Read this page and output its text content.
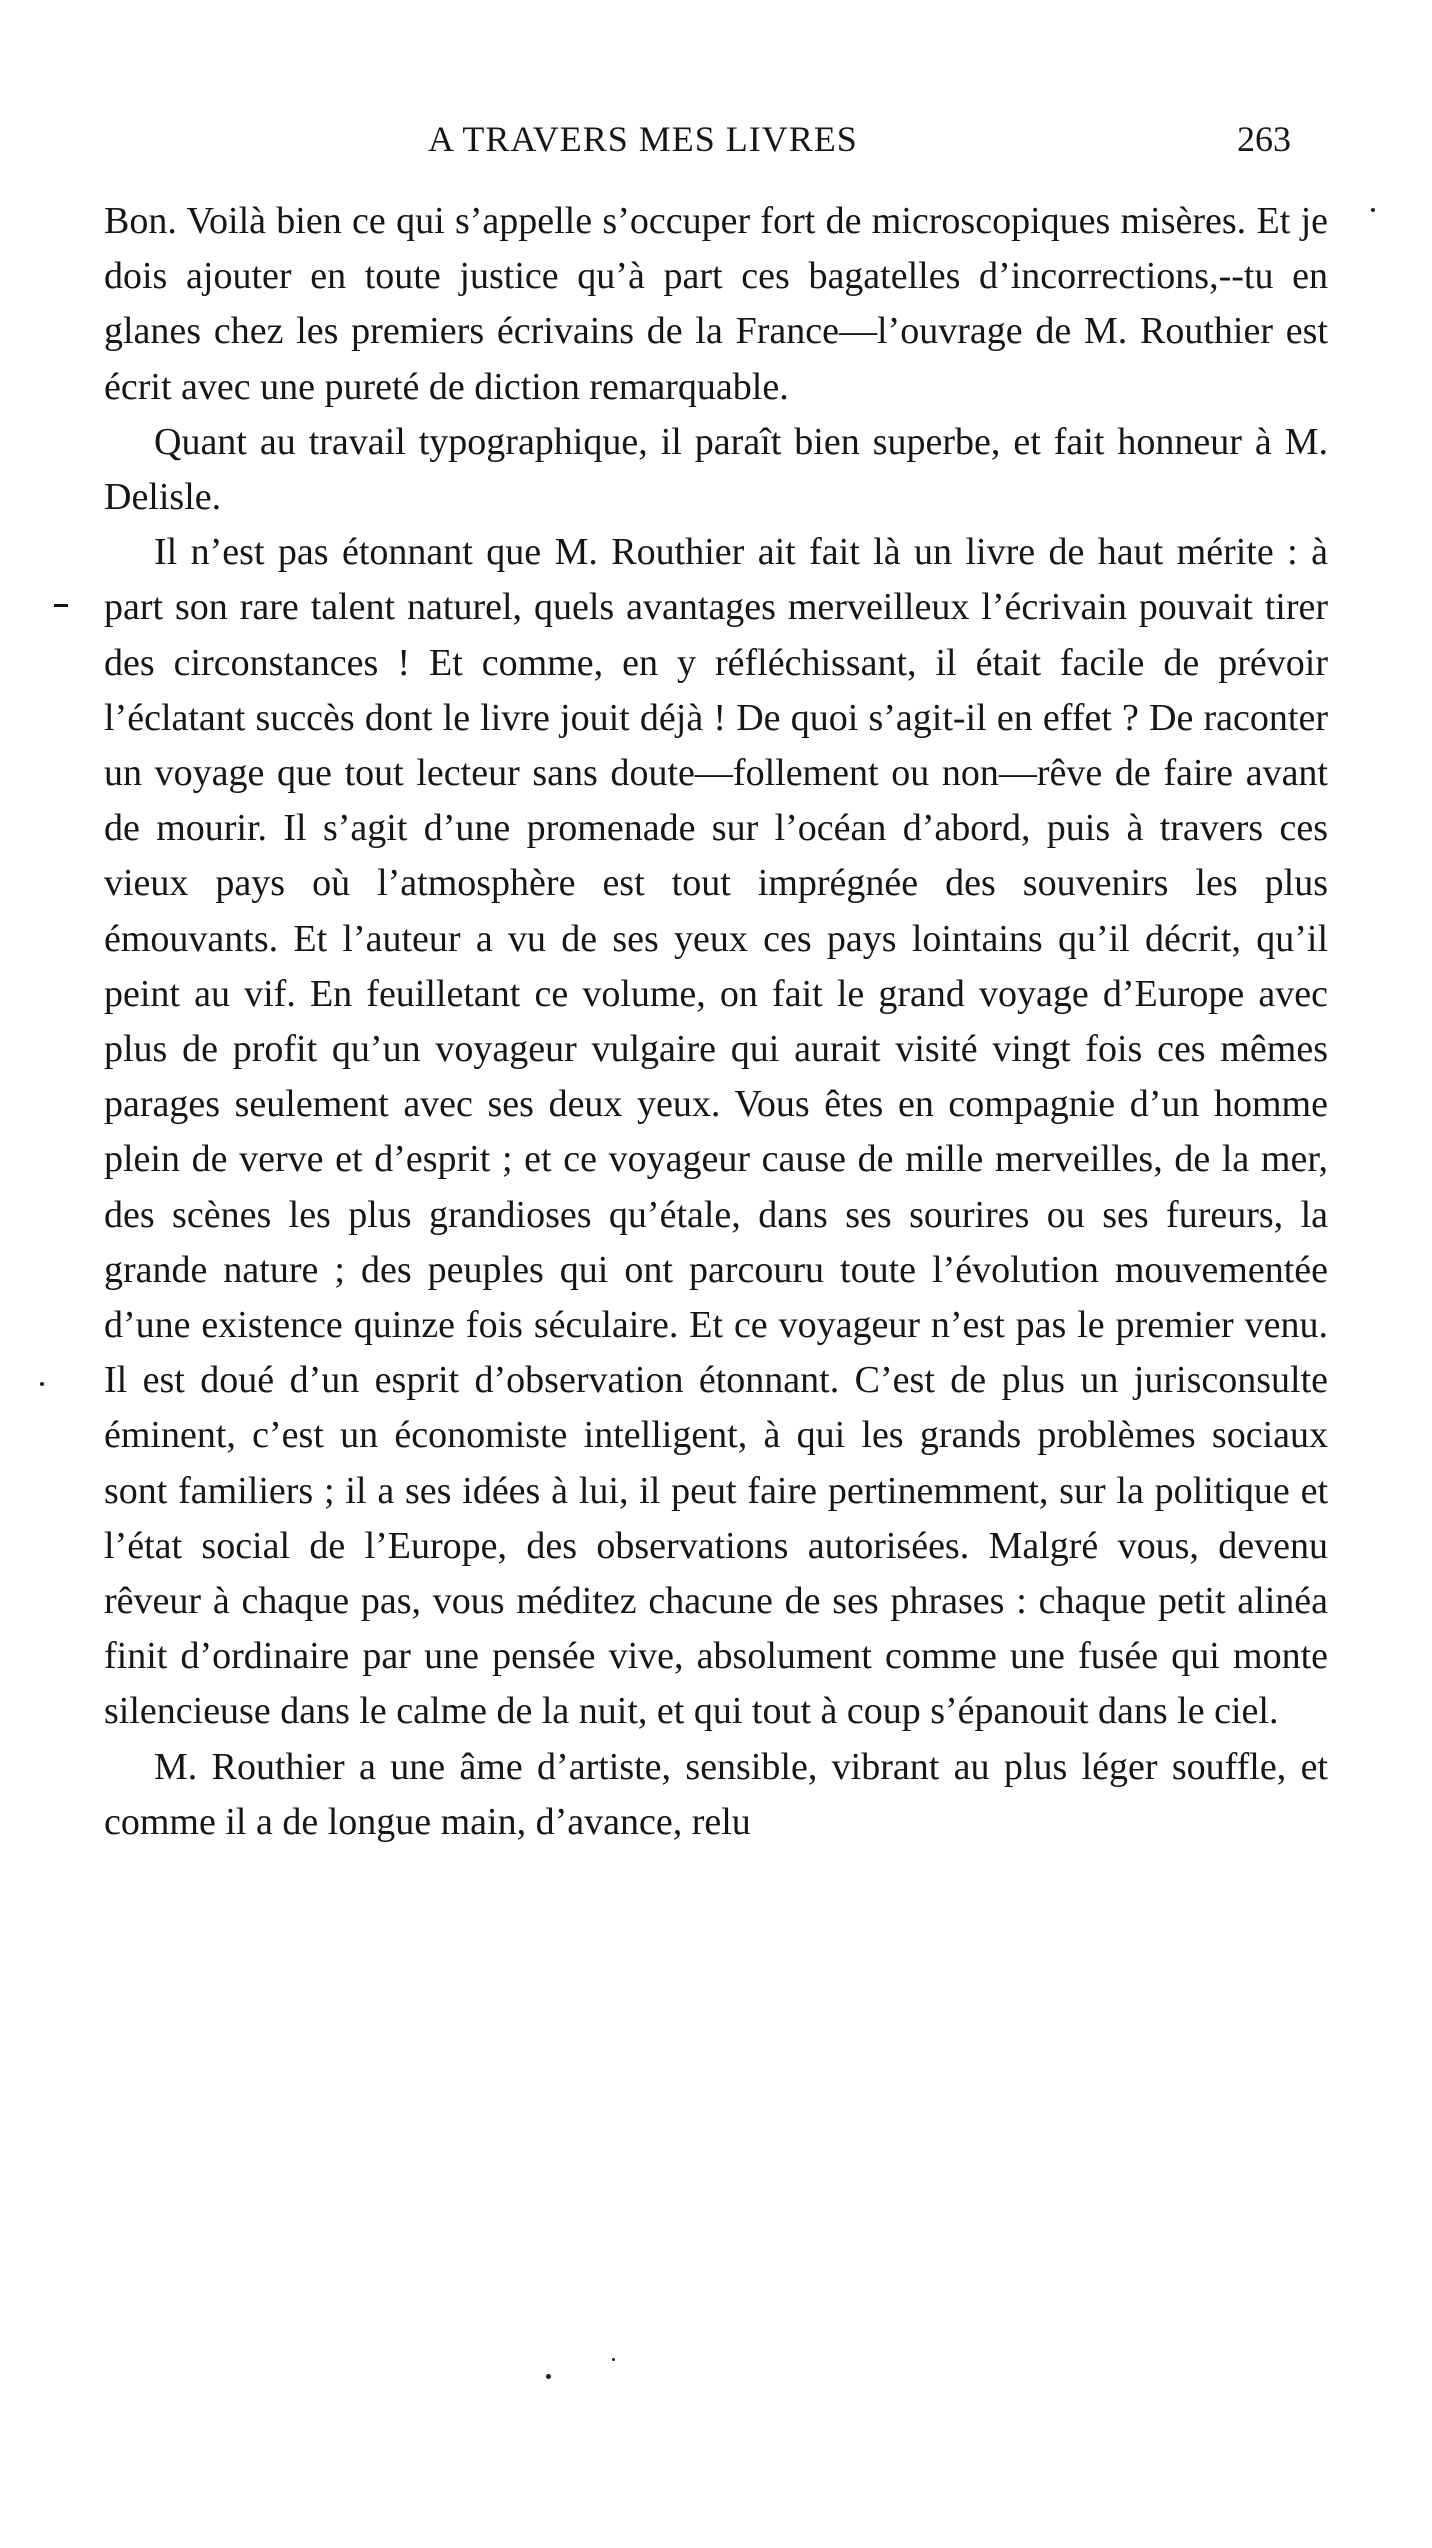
A TRAVERS MES LIVRES	263

Bon. Voilà bien ce qui s’appelle s’occuper fort de microscopiques misères. Et je dois ajouter en toute justice qu’à part ces bagatelles d’incorrections,--tu en glanes chez les premiers écrivains de la France—l’ouvrage de M. Routhier est écrit avec une pureté de diction remarquable.

Quant au travail typographique, il paraît bien superbe, et fait honneur à M. Delisle.

Il n’est pas étonnant que M. Routhier ait fait là un livre de haut mérite : à part son rare talent naturel, quels avantages merveilleux l’écrivain pouvait tirer des circonstances ! Et comme, en y réfléchissant, il était facile de prévoir l’éclatant succès dont le livre jouit déjà ! De quoi s’agit-il en effet ? De raconter un voyage que tout lecteur sans doute—follement ou non—rêve de faire avant de mourir. Il s’agit d’une promenade sur l’océan d’abord, puis à travers ces vieux pays où l’atmosphère est tout imprégnée des souvenirs les plus émouvants. Et l’auteur a vu de ses yeux ces pays lointains qu’il décrit, qu’il peint au vif. En feuilletant ce volume, on fait le grand voyage d’Europe avec plus de profit qu’un voyageur vulgaire qui aurait visité vingt fois ces mêmes parages seulement avec ses deux yeux. Vous êtes en compagnie d’un homme plein de verve et d’esprit ; et ce voyageur cause de mille merveilles, de la mer, des scènes les plus grandioses qu’étale, dans ses sourires ou ses fureurs, la grande nature ; des peuples qui ont parcouru toute l’évolution mouvementée d’une existence quinze fois séculaire. Et ce voyageur n’est pas le premier venu. Il est doué d’un esprit d’observation étonnant. C’est de plus un jurisconsulte éminent, c’est un économiste intelligent, à qui les grands problèmes sociaux sont familiers ; il a ses idées à lui, il peut faire pertinemment, sur la politique et l’état social de l’Europe, des observations autorisées. Malgré vous, devenu rêveur à chaque pas, vous méditez chacune de ses phrases : chaque petit alinéa finit d’ordinaire par une pensée vive, absolument comme une fusée qui monte silencieuse dans le calme de la nuit, et qui tout à coup s’épanouit dans le ciel.

M. Routhier a une âme d’artiste, sensible, vibrant au plus léger souffle, et comme il a de longue main, d’avance, relu
